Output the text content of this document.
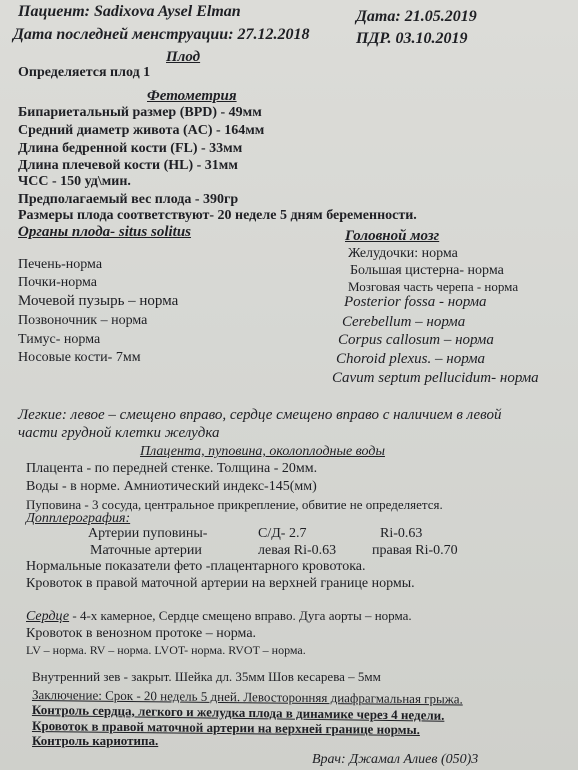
Пациент: Sadixova Aysel Elman	Дата: 21.05.2019
Дата последней менструации: 27.12.2018	ПДР. 03.10.2019
Плод
Определяется плод 1
Фетометрия
Бипариетальный размер (BPD) - 49мм
Средний диаметр живота (AC) - 164мм
Длина бедренной кости (FL) - 33мм
Длина плечевой кости (HL) - 31мм
ЧСС - 150 уд\мин.
Предполагаемый вес плода - 390гр
Размеры плода соответствуют- 20 неделе 5 дням беременности.
Органы плода- situs solitus
Печень-норма
Почки-норма
Мочевой пузырь – норма
Позвоночник – норма
Тимус- норма
Носовые кости- 7мм
Головной мозг
Желудочки: норма
Большая цистерна- норма
Мозговая часть черепа - норма
Posterior fossa - норма
Cerebellum – норма
Corpus callosum – норма
Choroid plexus. – норма
Cavum septum pellucidum- норма
Легкие: левое – смещено вправо, сердце смещено вправо с наличием в левой
части грудной клетки желудка
Плацента, пуповина, околоплодные воды
Плацента - по передней стенке. Толщина - 20мм.
Воды - в норме. Амниотический индекс-145(мм)
Пуповина - 3 сосуда, центральное прикрепление, обвитие не определяется.
Допплерография:
Артерии пуповины-	С/Д- 2.7	Ri-0.63
Маточные артерии	левая Ri-0.63	правая Ri-0.70
Нормальные показатели фето -плацентарного кровотока.
Кровоток в правой маточной артерии на верхней границе нормы.
Сердце - 4-х камерное, Сердце смещено вправо. Дуга аорты – норма.
Кровоток в венозном протоке – норма.
LV – норма. RV – норма. LVOT- норма. RVOT – норма.
Внутренний зев - закрыт. Шейка дл. 35мм Шов кесарева – 5мм
Заключение: Срок - 20 недель 5 дней. Левосторонняя диафрагмальная грыжа.
Контроль сердца, легкого и желудка плода в динамике через 4 недели.
Кровоток в правой маточной артерии на верхней границе нормы.
Контроль кариотипа.
Врач: Джамал Алиев (050)3
